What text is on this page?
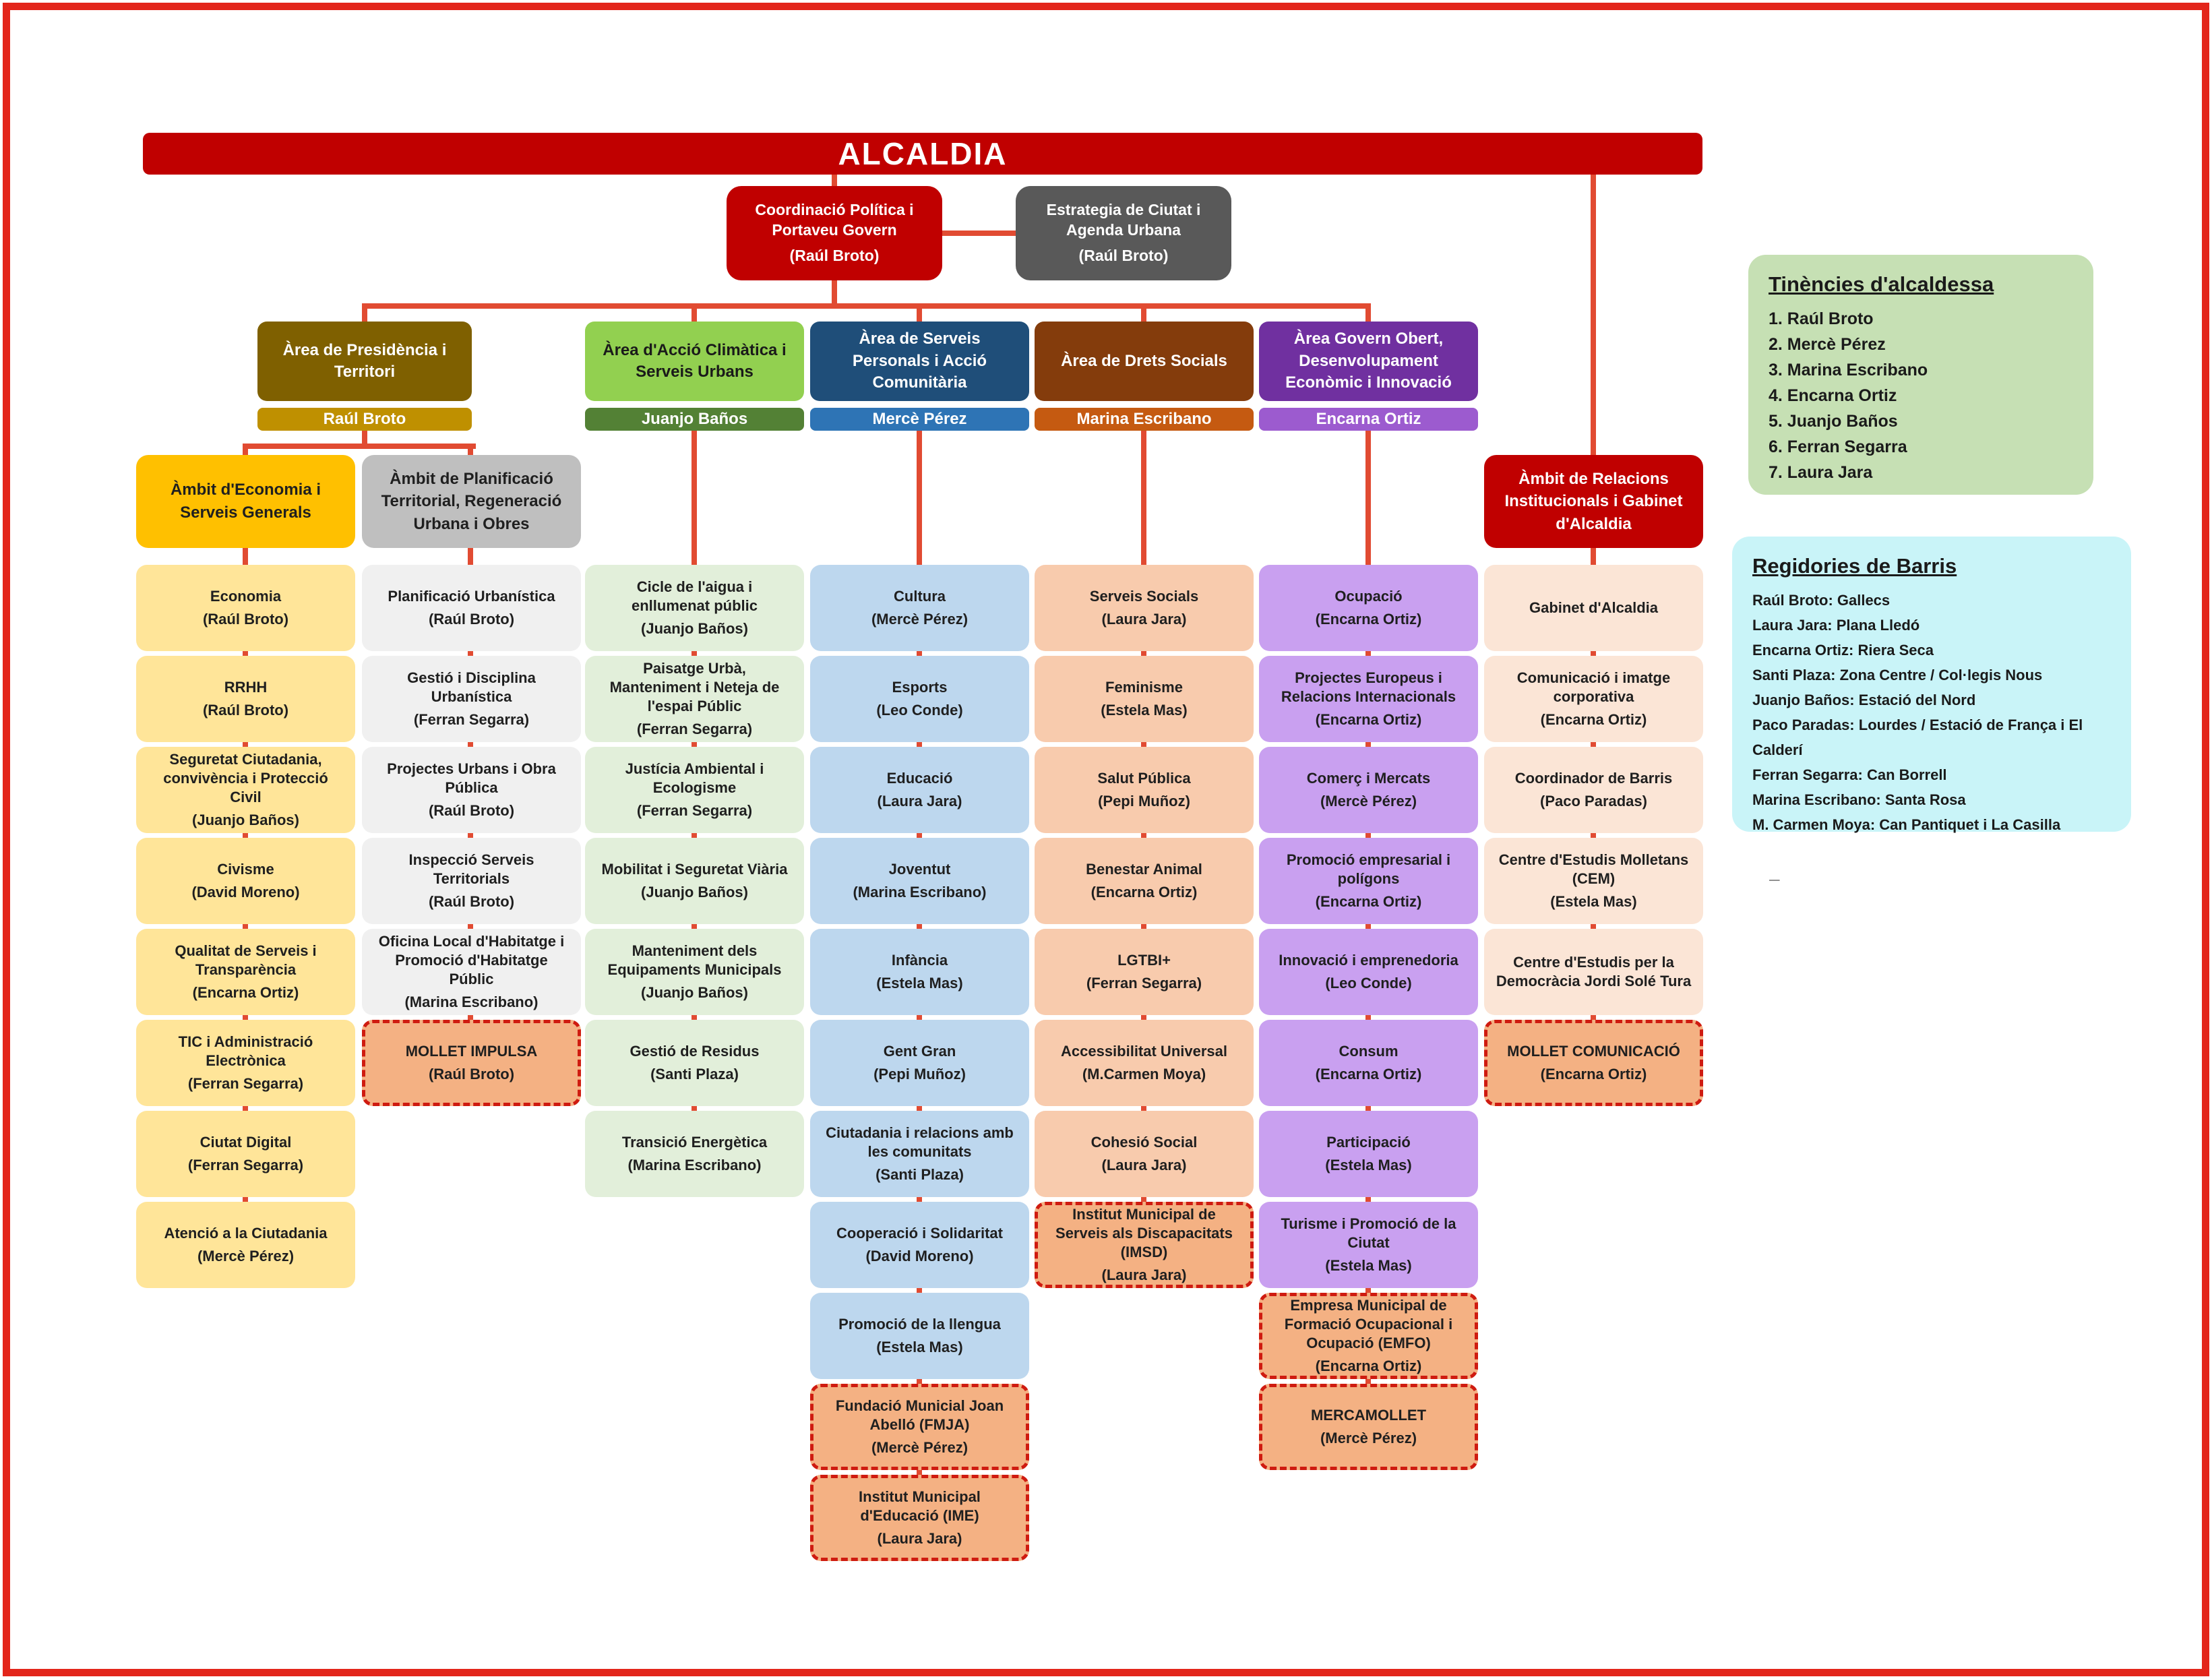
ALCALDIA
Coordinació Política i Portaveu Govern
( Raúl Broto )
Estrategia de Ciutat i Agenda Urbana
( Raúl Broto )
Àrea de Presidència i Territori
Raúl Broto
Àrea d'Acció Climàtica i Serveis Urbans
Juanjo Baños
Àrea de Serveis Personals i Acció Comunitària
Mercè Pérez
Àrea de Drets Socials
Marina Escribano
Àrea Govern Obert, Desenvolupament Econòmic i Innovació
Encarna Ortiz
Àmbit d'Economia i Serveis Generals
Àmbit de Planificació Territorial, Regeneració Urbana i Obres
Àmbit de Relacions Institucionals i Gabinet d'Alcaldia
Economia
(Raúl Broto)
RRHH
(Raúl Broto)
Seguretat Ciutadania, convivència i Protecció Civil
(Juanjo Baños)
Civisme
(David Moreno)
Qualitat de Serveis i Transparència
(Encarna Ortiz)
TIC i Administració Electrònica
(Ferran Segarra)
Ciutat Digital
(Ferran Segarra)
Atenció a la Ciutadania
(Mercè Pérez)
Planificació Urbanística
(Raúl Broto)
Gestió i Disciplina Urbanística
(Ferran Segarra)
Projectes Urbans i Obra Pública
(Raúl Broto)
Inspecció Serveis Territorials
(Raúl Broto)
Oficina Local d'Habitatge i Promoció d'Habitatge Públic
(Marina Escribano)
MOLLET IMPULSA
(Raúl Broto)
Cicle de l'aigua i enllumenat públic
(Juanjo Baños)
Paisatge Urbà, Manteniment i Neteja de l'espai Públic
(Ferran Segarra)
Justícia Ambiental i Ecologisme
(Ferran Segarra)
Mobilitat i Seguretat Viària
(Juanjo Baños)
Manteniment dels Equipaments Municipals
(Juanjo Baños)
Gestió de Residus
(Santi Plaza)
Transició Energètica
(Marina Escribano)
Cultura
(Mercè Pérez)
Esports
(Leo Conde)
Educació
(Laura Jara)
Joventut
(Marina Escribano)
Infància
(Estela Mas)
Gent Gran
(Pepi Muñoz)
Ciutadania i relacions amb les comunitats
(Santi Plaza)
Cooperació i Solidaritat
(David Moreno)
Promoció de la llengua
(Estela Mas)
Fundació Municial Joan Abelló (FMJA)
(Mercè Pérez)
Institut Municipal d'Educació (IME)
(Laura Jara)
Serveis Socials
(Laura Jara)
Feminisme
(Estela Mas)
Salut Pública
(Pepi Muñoz)
Benestar Animal
(Encarna Ortiz)
LGTBI+
(Ferran Segarra)
Accessibilitat Universal
(M.Carmen Moya)
Cohesió Social
(Laura Jara)
Institut Municipal de Serveis als Discapacitats (IMSD)
(Laura Jara)
Ocupació
(Encarna Ortiz)
Projectes Europeus i Relacions Internacionals
(Encarna Ortiz)
Comerç i Mercats
(Mercè Pérez)
Promoció empresarial i polígons
(Encarna Ortiz)
Innovació i emprenedoria
(Leo Conde)
Consum
(Encarna Ortiz)
Participació
(Estela Mas)
Turisme i Promoció de la Ciutat
(Estela Mas)
Empresa Municipal de Formació Ocupacional i Ocupació (EMFO)
(Encarna Ortiz)
MERCAMOLLET
(Mercè Pérez)
Gabinet d'Alcaldia
Comunicació i imatge corporativa
(Encarna Ortiz)
Coordinador de Barris
(Paco Paradas)
Centre d'Estudis Molletans (CEM)
(Estela Mas)
Centre d'Estudis per la Democràcia Jordi Solé Tura
MOLLET COMUNICACIÓ
(Encarna Ortiz)
Tinències d'alcaldessa
1. Raúl Broto
2. Mercè Pérez
3. Marina Escribano
4. Encarna Ortiz
5. Juanjo Baños
6. Ferran Segarra
7. Laura Jara
Regidories de Barris
Raúl Broto: Gallecs
Laura Jara: Plana Lledó
Encarna Ortiz: Riera Seca
Santi Plaza: Zona Centre / Col·legis Nous
Juanjo Baños: Estació del Nord
Paco Paradas: Lourdes / Estació de França i El Calderí
Ferran Segarra: Can Borrell
Marina Escribano: Santa Rosa
M. Carmen Moya: Can Pantiquet i La Casilla
–
